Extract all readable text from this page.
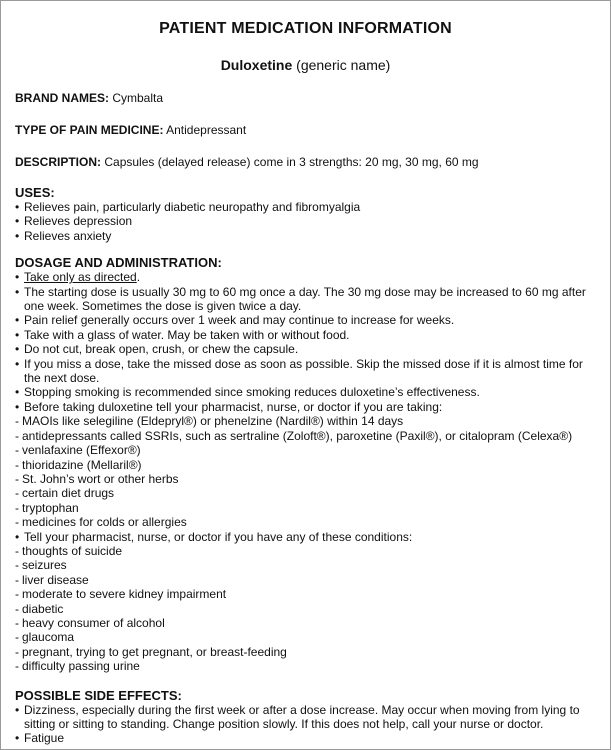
PATIENT MEDICATION INFORMATION
Duloxetine (generic name)
BRAND NAMES: Cymbalta
TYPE OF PAIN MEDICINE: Antidepressant
DESCRIPTION: Capsules (delayed release) come in 3 strengths: 20 mg, 30 mg, 60 mg
USES:
• Relieves pain, particularly diabetic neuropathy and fibromyalgia
• Relieves depression
• Relieves anxiety
DOSAGE AND ADMINISTRATION:
• Take only as directed.
• The starting dose is usually 30 mg to 60 mg once a day. The 30 mg dose may be increased to 60 mg after one week. Sometimes the dose is given twice a day.
• Pain relief generally occurs over 1 week and may continue to increase for weeks.
• Take with a glass of water. May be taken with or without food.
• Do not cut, break open, crush, or chew the capsule.
• If you miss a dose, take the missed dose as soon as possible. Skip the missed dose if it is almost time for the next dose.
• Stopping smoking is recommended since smoking reduces duloxetine’s effectiveness.
• Before taking duloxetine tell your pharmacist, nurse, or doctor if you are taking:
- MAOIs like selegiline (Eldepryl®) or phenelzine (Nardil®) within 14 days
- antidepressants called SSRIs, such as sertraline (Zoloft®), paroxetine (Paxil®), or citalopram (Celexa®)
- venlafaxine (Effexor®)
- thioridazine (Mellaril®)
- St. John’s wort or other herbs
- certain diet drugs
- tryptophan
- medicines for colds or allergies
• Tell your pharmacist, nurse, or doctor if you have any of these conditions:
- thoughts of suicide
- seizures
- liver disease
- moderate to severe kidney impairment
- diabetic
- heavy consumer of alcohol
- glaucoma
- pregnant, trying to get pregnant, or breast-feeding
- difficulty passing urine
POSSIBLE SIDE EFFECTS:
• Dizziness, especially during the first week or after a dose increase. May occur when moving from lying to sitting or sitting to standing. Change position slowly. If this does not help, call your nurse or doctor.
• Fatigue
